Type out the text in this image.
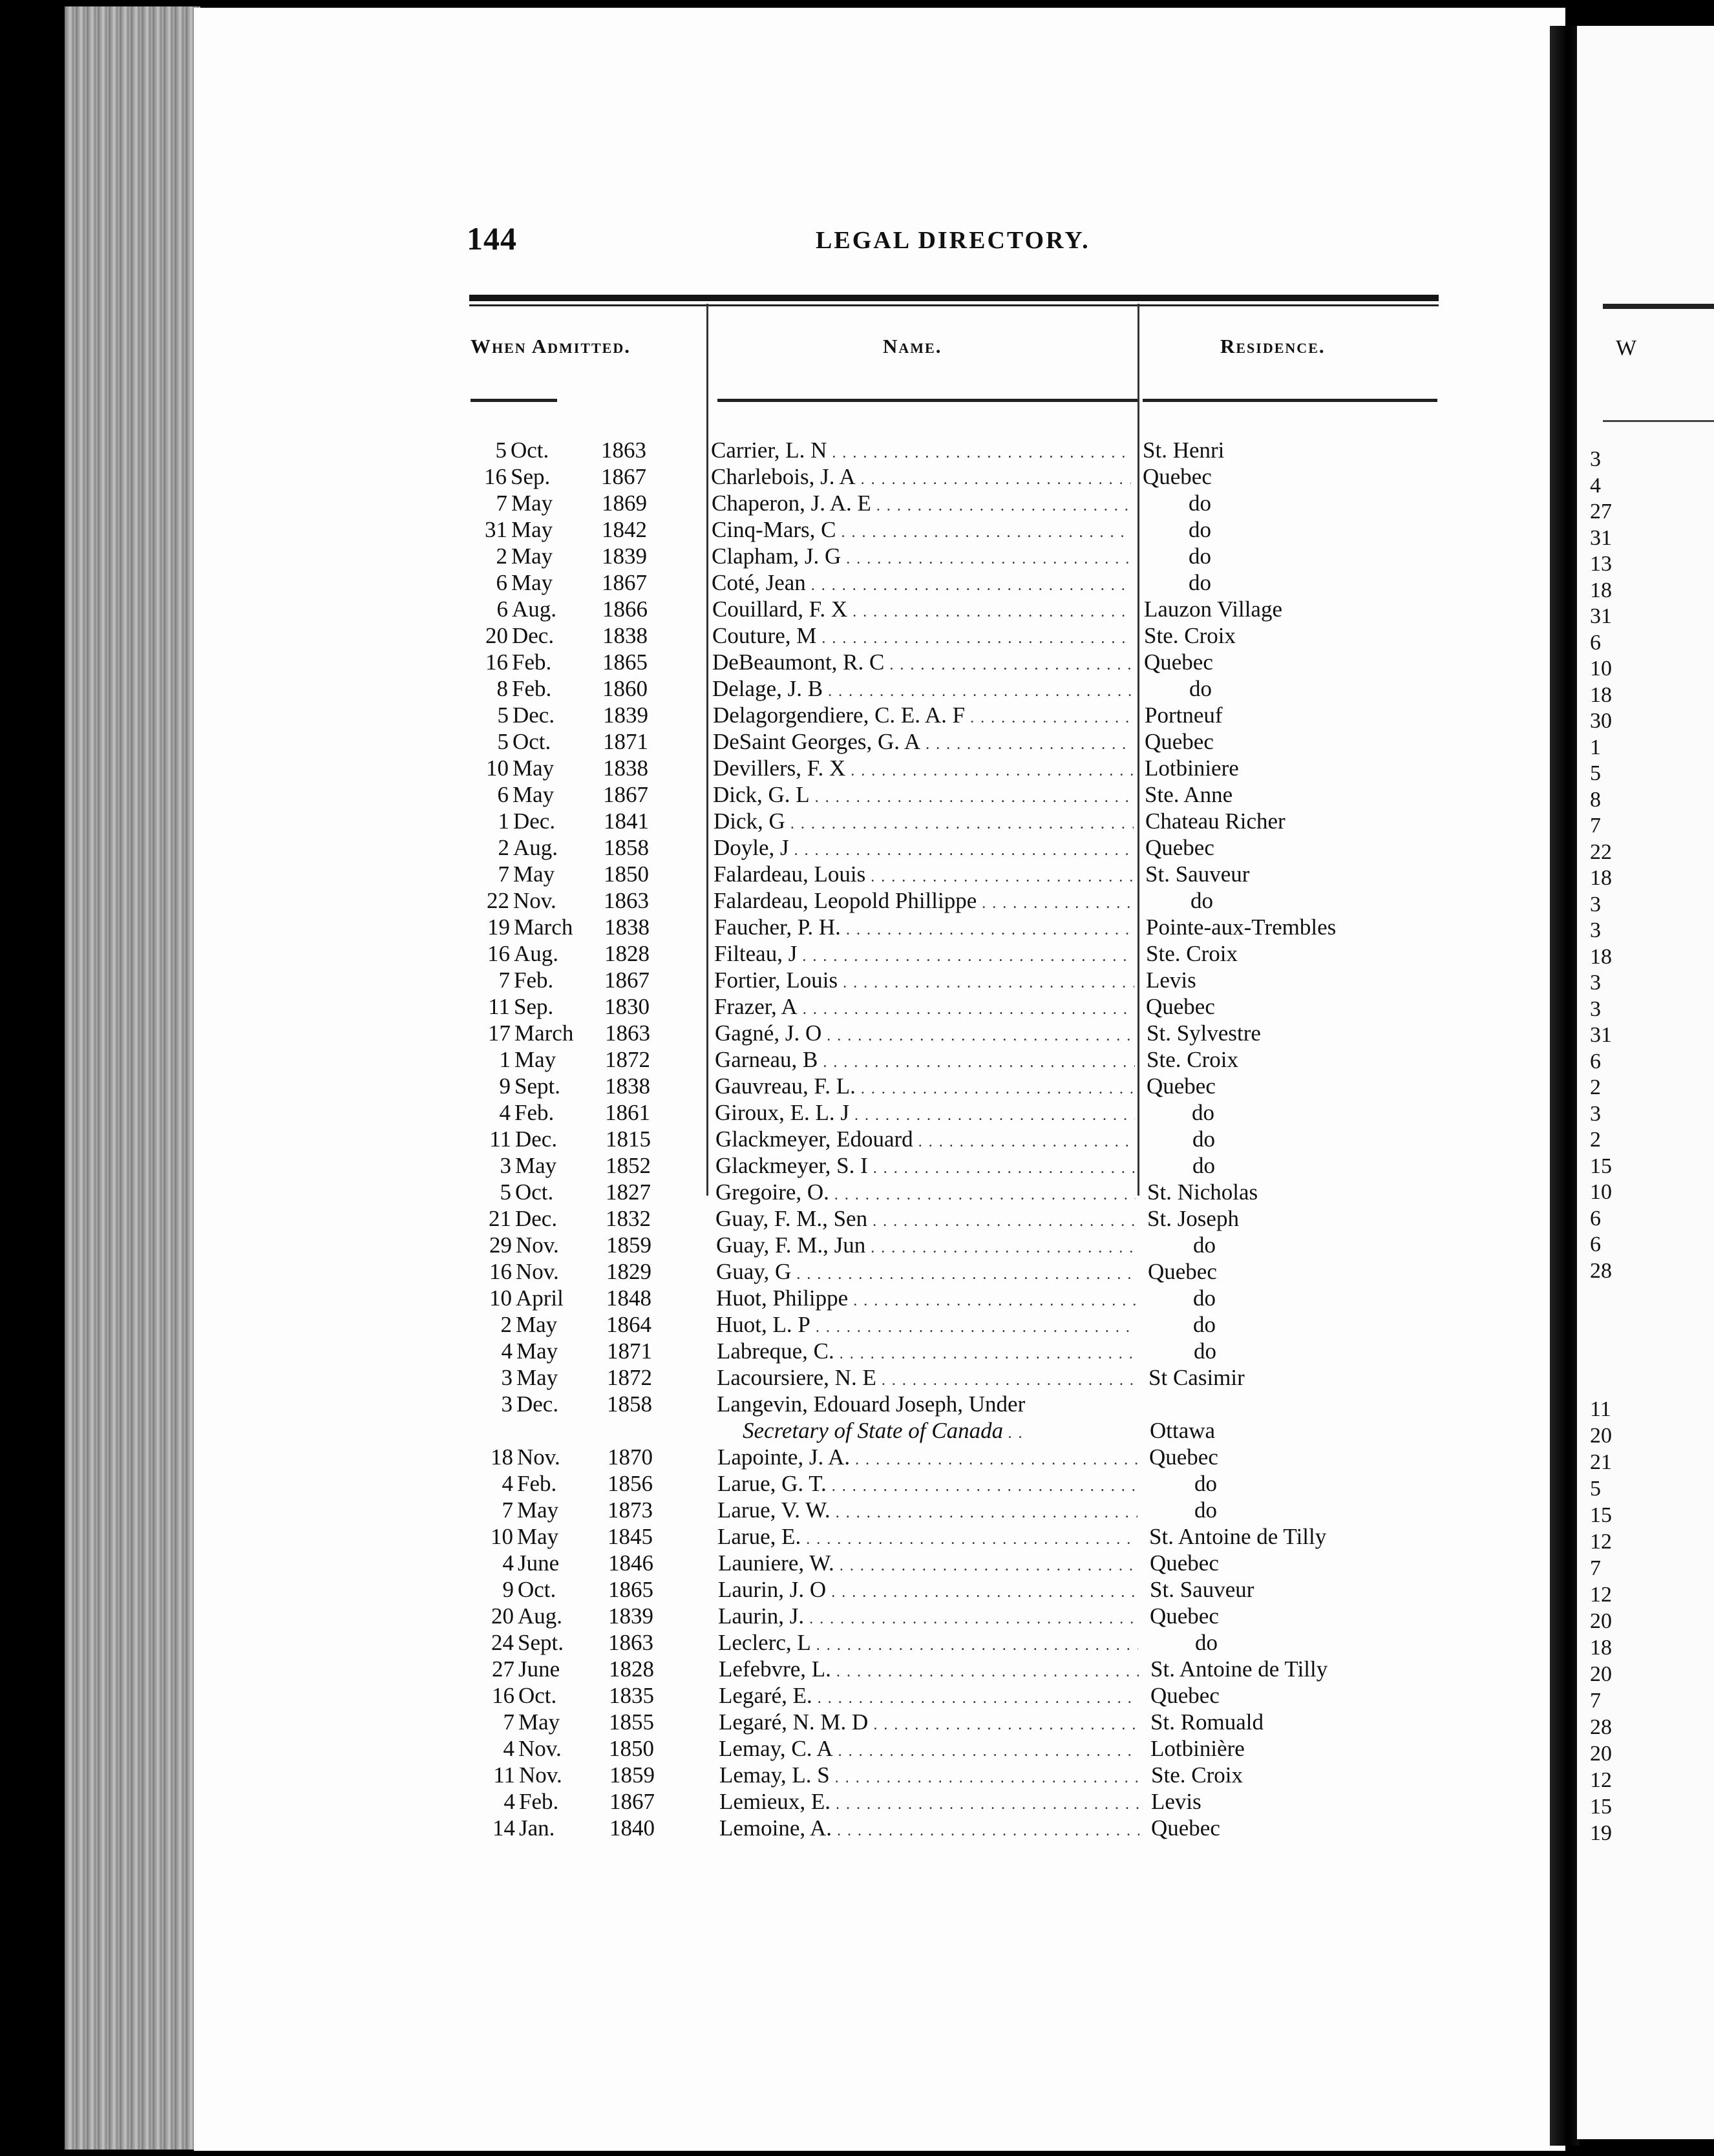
W
3
4
27
31
13
18
31
6
10
18
30
1
5
8
7
22
18
3
3
18
3
3
31
6
2
3
2
15
10
6
6
28
11
20
21
5
15
12
7
12
20
18
20
7
28
20
12
15
19
144	LEGAL DIRECTORY.
When Admitted.	Name.	Residence.
5 Oct. 1863	Carrier, L. N . . .	St. Henri
16 Sep. 1867	Charlebois, J. A . . .	Quebec
7 May 1869	Chaperon, J. A. E . . .	do
31 May 1842	Cinq-Mars, C . . .	do
2 May 1839	Clapham, J. G . . .	do
6 May 1867	Coté, Jean . . .	do
6 Aug. 1866	Couillard, F. X . . .	Lauzon Village
20 Dec. 1838	Couture, M . . .	Ste. Croix
16 Feb. 1865	DeBeaumont, R. C . . .	Quebec
8 Feb. 1860	Delage, J. B . . .	do
5 Dec. 1839	Delagorgendiere, C. E. A. F . . .	Portneuf
5 Oct. 1871	DeSaint Georges, G. A . . .	Quebec
10 May 1838	Devillers, F. X . . .	Lotbiniere
6 May 1867	Dick, G. L . . .	Ste. Anne
1 Dec. 1841	Dick, G . . .	Chateau Richer
2 Aug. 1858	Doyle, J . . .	Quebec
7 May 1850	Falardeau, Louis . . .	St. Sauveur
22 Nov. 1863	Falardeau, Leopold Phillippe . . .	do
19 March 1838	Faucher, P. H. . . .	Pointe-aux-Trembles
16 Aug. 1828	Filteau, J . . .	Ste. Croix
7 Feb. 1867	Fortier, Louis . . .	Levis
11 Sep. 1830	Frazer, A . . .	Quebec
17 March 1863	Gagné, J. O . . .	St. Sylvestre
1 May 1872	Garneau, B . . .	Ste. Croix
9 Sept. 1838	Gauvreau, F. L. . . .	Quebec
4 Feb. 1861	Giroux, E. L. J . . .	do
11 Dec. 1815	Glackmeyer, Edouard . . .	do
3 May 1852	Glackmeyer, S. I . . .	do
5 Oct. 1827	Gregoire, O. . . .	St. Nicholas
21 Dec. 1832	Guay, F. M., Sen . . .	St. Joseph
29 Nov. 1859	Guay, F. M., Jun . . .	do
16 Nov. 1829	Guay, G . . .	Quebec
10 April 1848	Huot, Philippe . . .	do
2 May 1864	Huot, L. P . . .	do
4 May 1871	Labreque, C. . . .	do
3 May 1872	Lacoursiere, N. E . . .	St Casimir
3 Dec. 1858	Langevin, Edouard Joseph, Under
Secretary of State of Canada . .	Ottawa
18 Nov. 1870	Lapointe, J. A. . . .	Quebec
4 Feb. 1856	Larue, G. T. . . .	do
7 May 1873	Larue, V. W. . . .	do
10 May 1845	Larue, E. . . .	St. Antoine de Tilly
4 June 1846	Launiere, W. . . .	Quebec
9 Oct. 1865	Laurin, J. O . . .	St. Sauveur
20 Aug. 1839	Laurin, J. . . .	Quebec
24 Sept. 1863	Leclerc, L . . .	do
27 June 1828	Lefebvre, L. . . .	St. Antoine de Tilly
16 Oct. 1835	Legaré, E. . . .	Quebec
7 May 1855	Legaré, N. M. D . . .	St. Romuald
4 Nov. 1850	Lemay, C. A . . .	Lotbinière
11 Nov. 1859	Lemay, L. S . . .	Ste. Croix
4 Feb. 1867	Lemieux, E. . . .	Levis
14 Jan. 1840	Lemoine, A. . . .	Quebec
